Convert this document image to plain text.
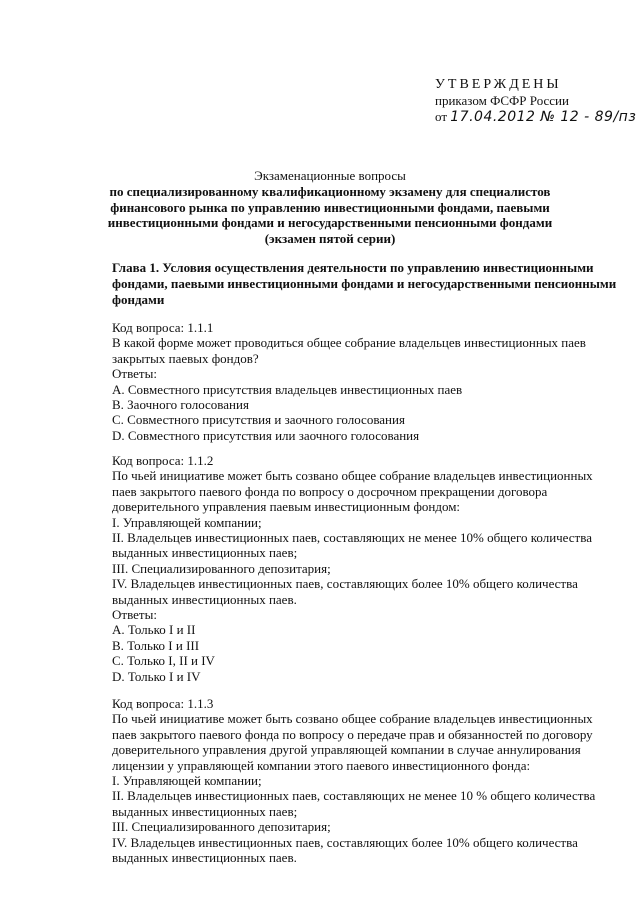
УТВЕРЖДЕНЫ
приказом ФСФР России
от 17.04.2012 № 12 - 89/пз
Экзаменационные вопросы
по специализированному квалификационному экзамену для специалистов
финансового рынка по управлению инвестиционными фондами, паевыми
инвестиционными фондами и негосударственными пенсионными фондами
(экзамен пятой серии)
Глава 1. Условия осуществления деятельности по управлению инвестиционными
фондами, паевыми инвестиционными фондами и негосударственными пенсионными
фондами
Код вопроса: 1.1.1
В какой форме может проводиться общее собрание владельцев инвестиционных паев
закрытых паевых фондов?
Ответы:
A. Совместного присутствия владельцев инвестиционных паев
B. Заочного голосования
C. Совместного присутствия и заочного голосования
D. Совместного присутствия или заочного голосования
Код вопроса: 1.1.2
По чьей инициативе может быть созвано общее собрание владельцев инвестиционных
паев закрытого паевого фонда по вопросу о досрочном прекращении договора
доверительного управления паевым инвестиционным фондом:
I. Управляющей компании;
II. Владельцев инвестиционных паев, составляющих не менее 10% общего количества
выданных инвестиционных паев;
III. Специализированного депозитария;
IV. Владельцев инвестиционных паев, составляющих более 10% общего количества
выданных инвестиционных паев.
Ответы:
A. Только I и II
B. Только I и III
C. Только I, II и IV
D. Только I и IV
Код вопроса: 1.1.3
По чьей инициативе может быть созвано общее собрание владельцев инвестиционных
паев закрытого паевого фонда по вопросу о передаче прав и обязанностей по договору
доверительного управления другой управляющей компании в случае аннулирования
лицензии у управляющей компании этого паевого инвестиционного фонда:
I. Управляющей компании;
II. Владельцев инвестиционных паев, составляющих не менее 10 % общего количества
выданных инвестиционных паев;
III. Специализированного депозитария;
IV. Владельцев инвестиционных паев, составляющих более 10% общего количества
выданных инвестиционных паев.
